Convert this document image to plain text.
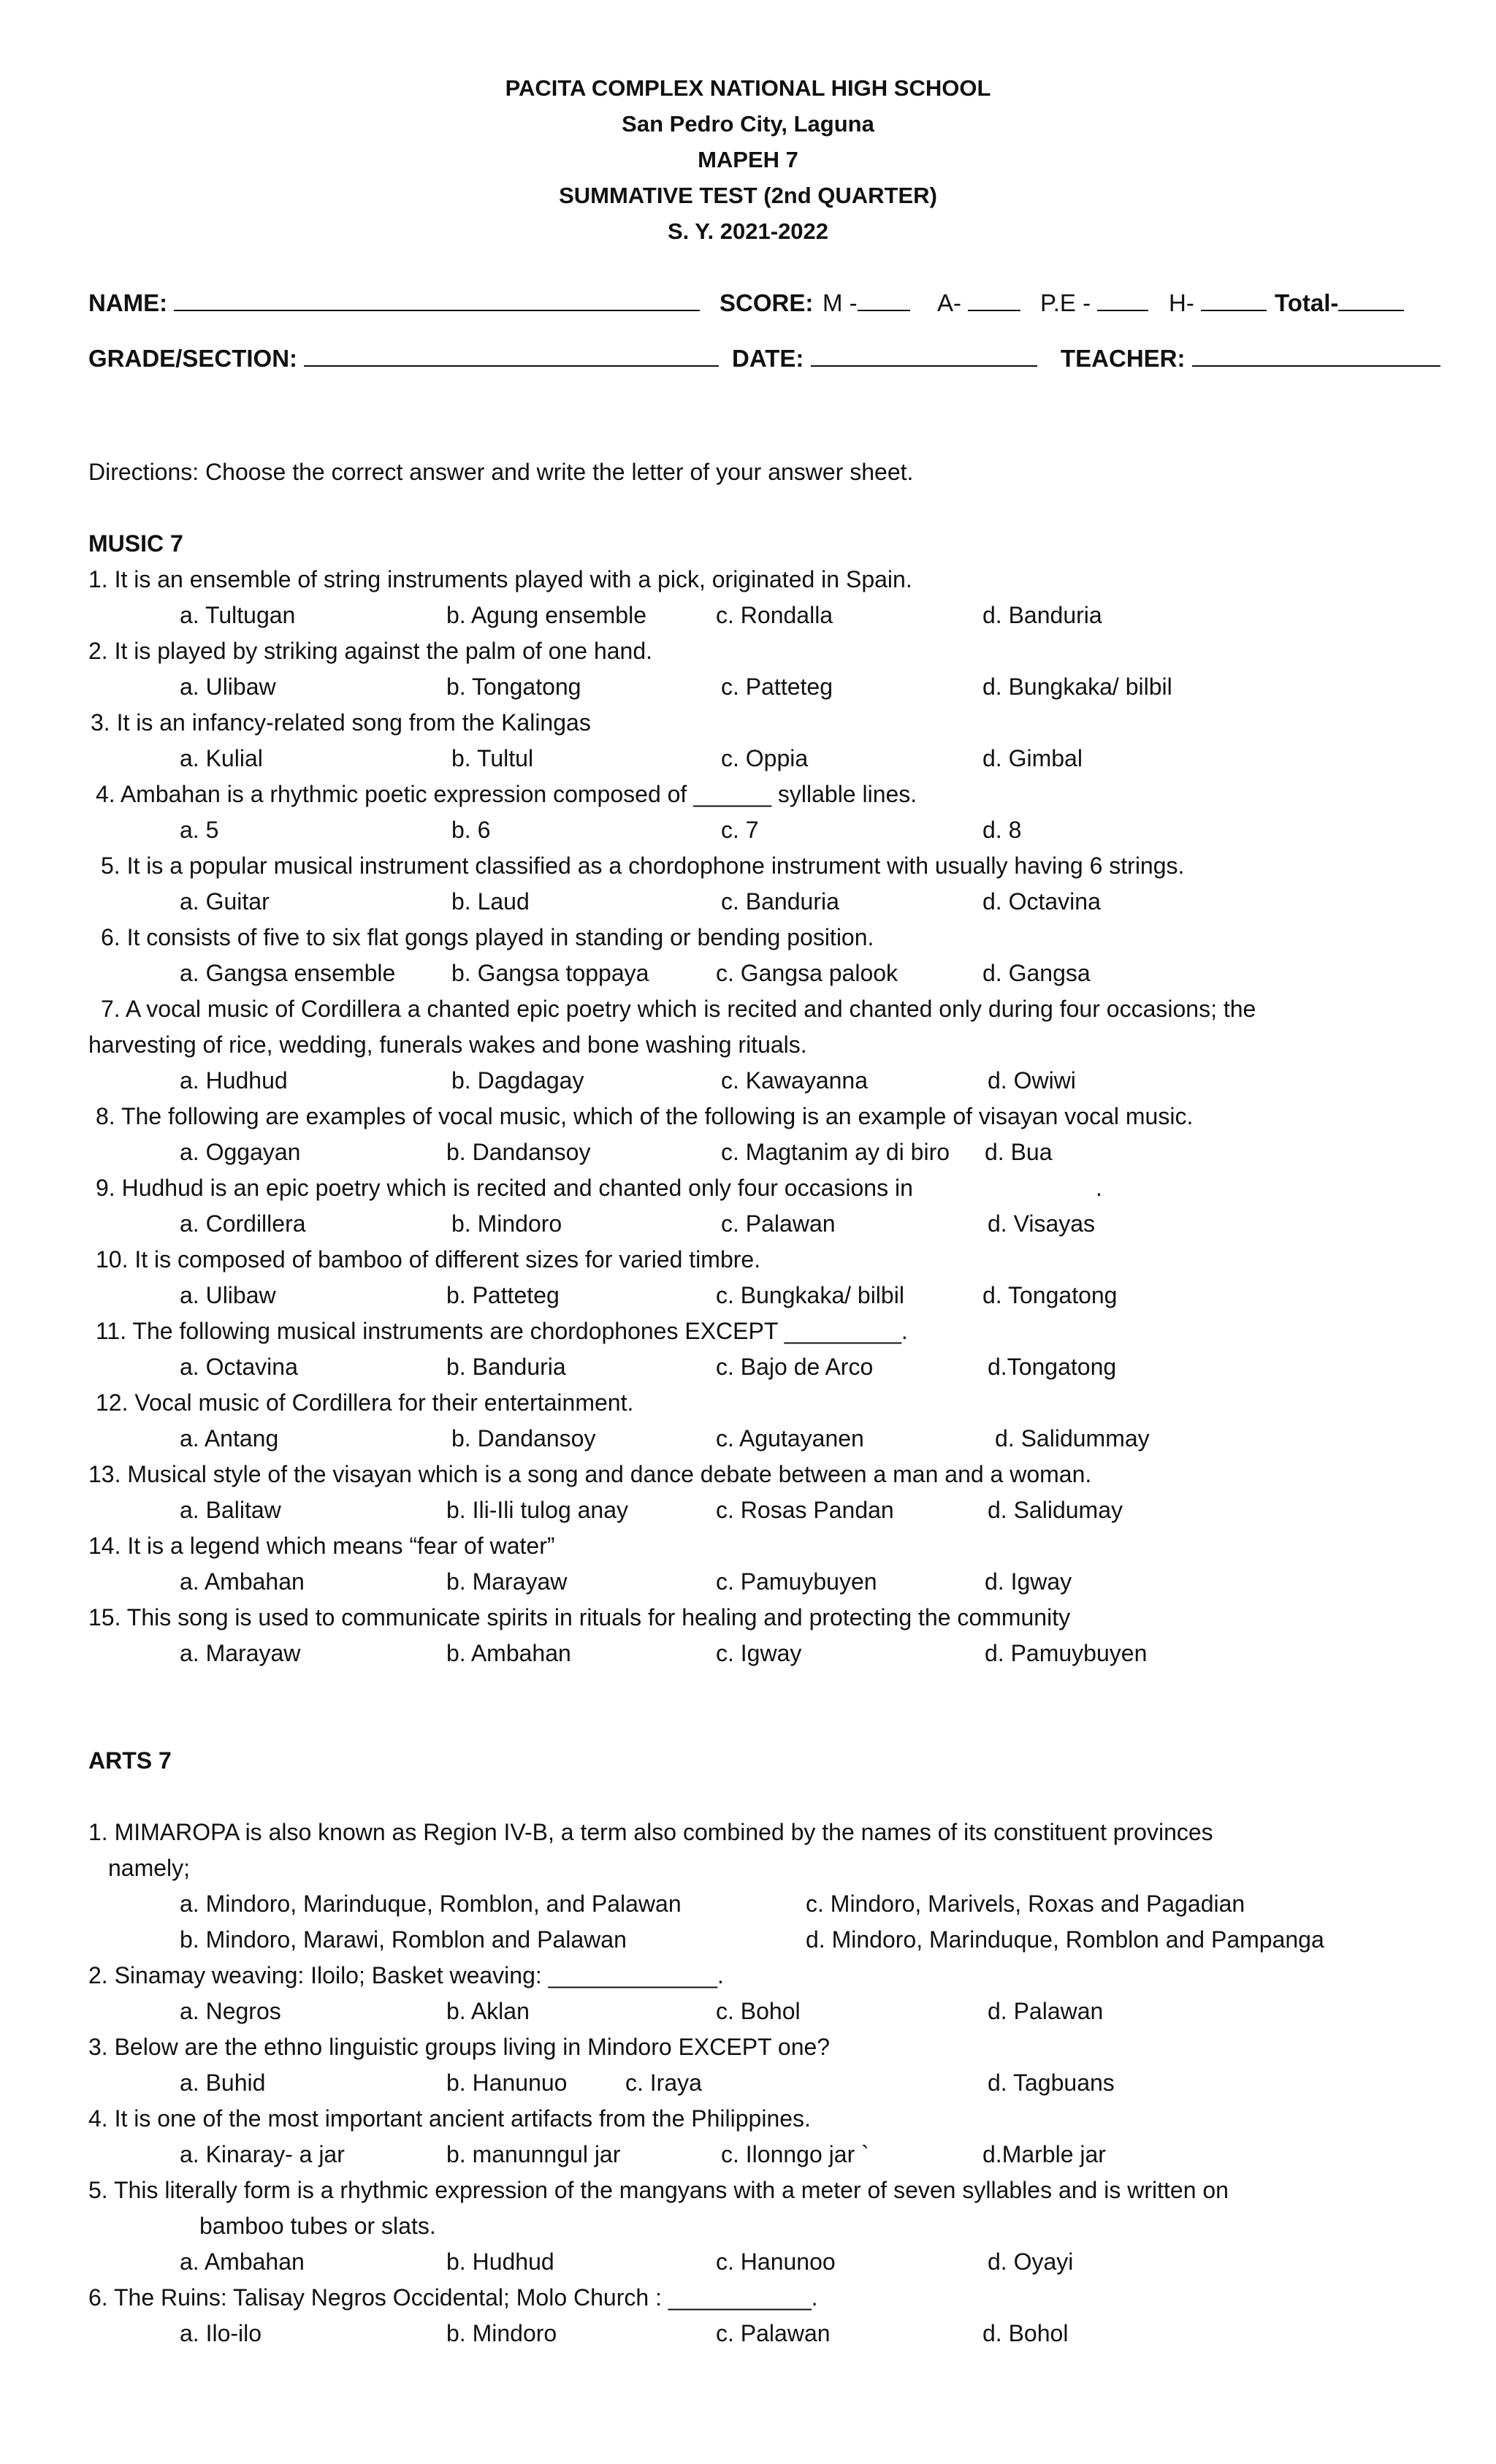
PACITA COMPLEX NATIONAL HIGH SCHOOL
San Pedro City, Laguna
MAPEH 7
SUMMATIVE TEST (2nd QUARTER)
S. Y. 2021-2022
NAME:	SCORE: M -	A-	P.E -	H-	Total-
GRADE/SECTION:	DATE:	TEACHER:
Directions: Choose the correct answer and write the letter of your answer sheet.
MUSIC 7
1. It is an ensemble of string instruments played with a pick, originated in Spain.
a. Tultugan	b. Agung ensemble	c. Rondalla	d. Banduria
2. It is played by striking against the palm of one hand.
a. Ulibaw	b. Tongatong	c. Patteteg	d. Bungkaka/ bilbil
3. It is an infancy-related song from the Kalingas
a. Kulial	b. Tultul	c. Oppia	d. Gimbal
4. Ambahan is a rhythmic poetic expression composed of ______ syllable lines.
a. 5	b. 6	c. 7	d. 8
5. It is a popular musical instrument classified as a chordophone instrument with usually having 6 strings.
a. Guitar	b. Laud	c. Banduria	d. Octavina
6. It consists of five to six flat gongs played in standing or bending position.
a. Gangsa ensemble b. Gangsa toppaya	c. Gangsa palook	d. Gangsa
7. A vocal music of Cordillera a chanted epic poetry which is recited and chanted only during four occasions; the
harvesting of rice, wedding, funerals wakes and bone washing rituals.
a. Hudhud	b. Dagdagay	c. Kawayanna	d. Owiwi
8. The following are examples of vocal music, which of the following is an example of visayan vocal music.
a. Oggayan	b. Dandansoy	c. Magtanim ay di biro d. Bua
9. Hudhud is an epic poetry which is recited and chanted only four occasions in	.
a. Cordillera	b. Mindoro	c. Palawan	d. Visayas
10. It is composed of bamboo of different sizes for varied timbre.
a. Ulibaw	b. Patteteg	c. Bungkaka/ bilbil	d. Tongatong
11. The following musical instruments are chordophones EXCEPT _________.
a. Octavina	b. Banduria	c. Bajo de Arco	d.Tongatong
12. Vocal music of Cordillera for their entertainment.
a. Antang	b. Dandansoy	c. Agutayanen	d. Salidummay
13. Musical style of the visayan which is a song and dance debate between a man and a woman.
a. Balitaw	b. Ili-Ili tulog anay	c. Rosas Pandan	d. Salidumay
14. It is a legend which means “fear of water”
a. Ambahan	b. Marayaw	c. Pamuybuyen	d. Igway
15. This song is used to communicate spirits in rituals for healing and protecting the community
a. Marayaw	b. Ambahan	c. Igway	d. Pamuybuyen
ARTS 7
1. MIMAROPA is also known as Region IV-B, a term also combined by the names of its constituent provinces
namely;
a. Mindoro, Marinduque, Romblon, and Palawan	c. Mindoro, Marivels, Roxas and Pagadian
b. Mindoro, Marawi, Romblon and Palawan	d. Mindoro, Marinduque, Romblon and Pampanga
2. Sinamay weaving: Iloilo; Basket weaving: _____________.
a. Negros	b. Aklan	c. Bohol	d. Palawan
3. Below are the ethno linguistic groups living in Mindoro EXCEPT one?
a. Buhid	b. Hanunuo c. Iraya	d. Tagbuans
4. It is one of the most important ancient artifacts from the Philippines.
a. Kinaray- a jar	b. manunngul jar	c. Ilonngo jar `	d.Marble jar
5. This literally form is a rhythmic expression of the mangyans with a meter of seven syllables and is written on
bamboo tubes or slats.
a. Ambahan	b. Hudhud	c. Hanunoo	d. Oyayi
6. The Ruins: Talisay Negros Occidental; Molo Church : ___________.
a. Ilo-ilo	b. Mindoro	c. Palawan	d. Bohol
